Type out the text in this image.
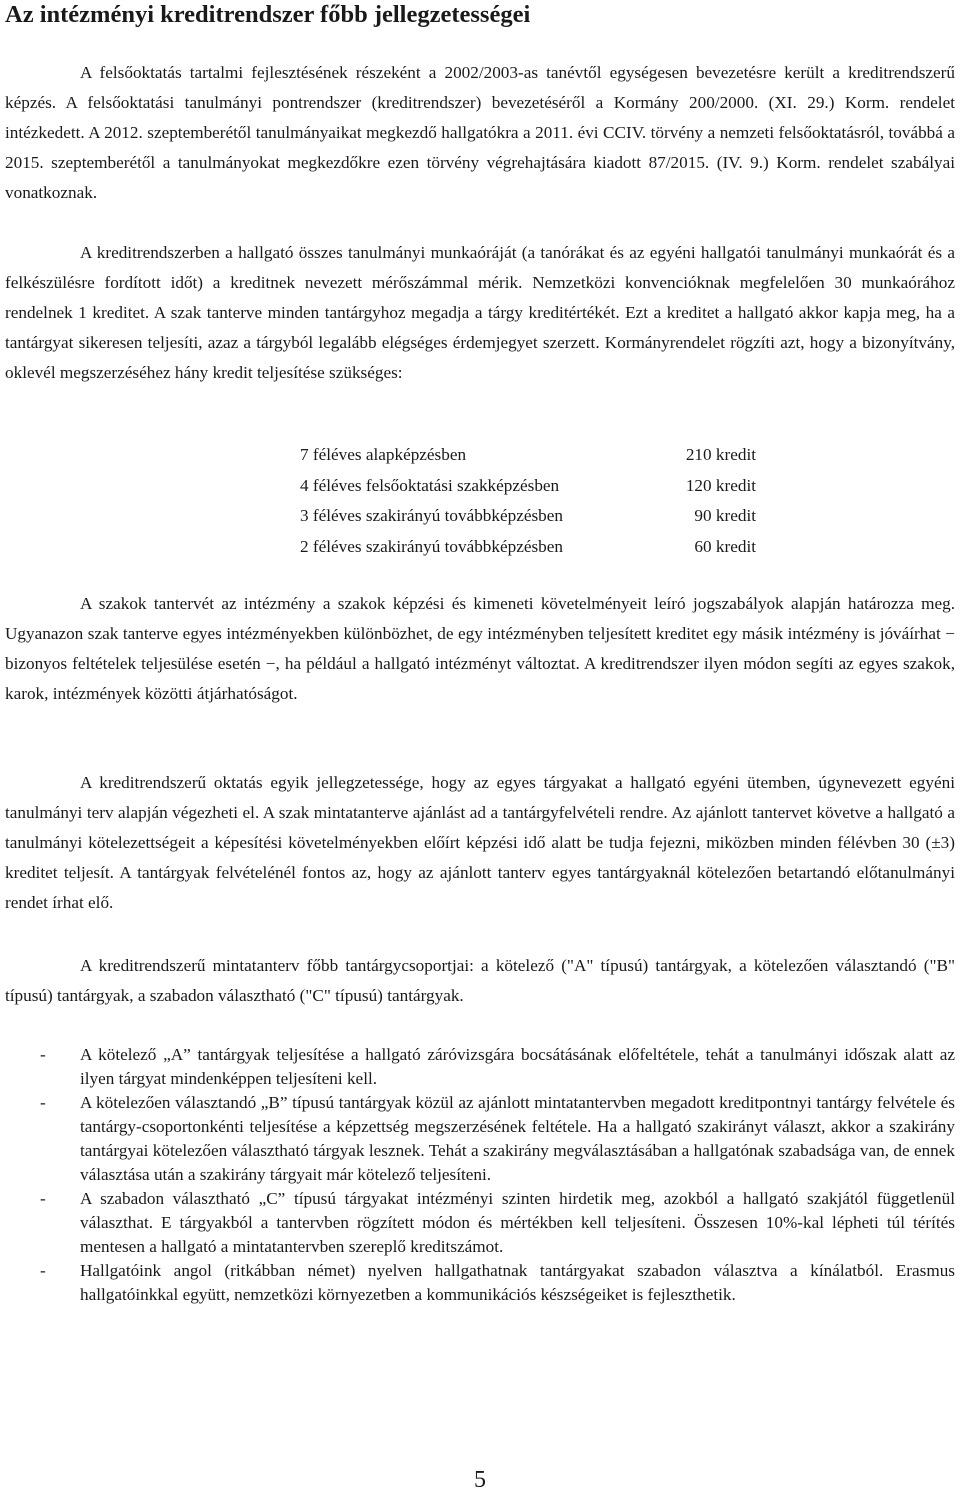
Az intézményi kreditrendszer főbb jellegzetességei

A felsőoktatás tartalmi fejlesztésének részeként a 2002/2003-as tanévtől egységesen bevezetésre került a kreditrendszerű képzés. A felsőoktatási tanulmányi pontrendszer (kreditrendszer) bevezetéséről a Kormány 200/2000. (XI. 29.) Korm. rendelet intézkedett. A 2012. szeptemberétől tanulmányaikat megkezdő hallgatókra a 2011. évi CCIV. törvény a nemzeti felsőoktatásról, továbbá a 2015. szeptemberétől a tanulmányokat megkezdőkre ezen törvény végrehajtására kiadott 87/2015. (IV. 9.) Korm. rendelet szabályai vonatkoznak.

A kreditrendszerben a hallgató összes tanulmányi munkaóráját (a tanórákat és az egyéni hallgatói tanulmányi munkaórát és a felkészülésre fordított időt) a kreditnek nevezett mérőszámmal mérik. Nemzetközi konvencióknak megfelelően 30 munkaórához rendelnek 1 kreditet. A szak tanterve minden tantárgyhoz megadja a tárgy kreditértékét. Ezt a kreditet a hallgató akkor kapja meg, ha a tantárgyat sikeresen teljesíti, azaz a tárgyból legalább elégséges érdemjegyet szerzett. Kormányrendelet rögzíti azt, hogy a bizonyítvány, oklevél megszerzéséhez hány kredit teljesítése szükséges:

7 féléves alapképzésben	210 kredit
4 féléves felsőoktatási szakképzésben	120 kredit
3 féléves szakirányú továbbképzésben	90 kredit
2 féléves szakirányú továbbképzésben	60 kredit

A szakok tantervét az intézmény a szakok képzési és kimeneti követelményeit leíró jogszabályok alapján határozza meg. Ugyanazon szak tanterve egyes intézményekben különbözhet, de egy intézményben teljesített kreditet egy másik intézmény is jóváírhat − bizonyos feltételek teljesülése esetén −, ha például a hallgató intézményt változtat. A kreditrendszer ilyen módon segíti az egyes szakok, karok, intézmények közötti átjárhatóságot.

A kreditrendszerű oktatás egyik jellegzetessége, hogy az egyes tárgyakat a hallgató egyéni ütemben, úgynevezett egyéni tanulmányi terv alapján végezheti el. A szak mintatanterve ajánlást ad a tantárgyfelvételi rendre. Az ajánlott tantervet követve a hallgató a tanulmányi kötelezettségeit a képesítési követelményekben előírt képzési idő alatt be tudja fejezni, miközben minden félévben 30 (±3) kreditet teljesít. A tantárgyak felvételénél fontos az, hogy az ajánlott tanterv egyes tantárgyaknál kötelezően betartandó előtanulmányi rendet írhat elő.

A kreditrendszerű mintatanterv főbb tantárgycsoportjai: a kötelező ("A" típusú) tantárgyak, a kötelezően választandó ("B" típusú) tantárgyak, a szabadon választható ("C" típusú) tantárgyak.

- A kötelező „A” tantárgyak teljesítése a hallgató záróvizsgára bocsátásának előfeltétele, tehát a tanulmányi időszak alatt az ilyen tárgyat mindenképpen teljesíteni kell.
- A kötelezően választandó „B” típusú tantárgyak közül az ajánlott mintatantervben megadott kreditpontnyi tantárgy felvétele és tantárgy-csoportonkénti teljesítése a képzettség megszerzésének feltétele. Ha a hallgató szakirányt választ, akkor a szakirány tantárgyai kötelezően választható tárgyak lesznek. Tehát a szakirány megválasztásában a hallgatónak szabadsága van, de ennek választása után a szakirány tárgyait már kötelező teljesíteni.
- A szabadon választható „C” típusú tárgyakat intézményi szinten hirdetik meg, azokból a hallgató szakjától függetlenül választhat. E tárgyakból a tantervben rögzített módon és mértékben kell teljesíteni. Összesen 10%-kal lépheti túl térítés mentesen a hallgató a mintatantervben szereplő kreditszámot.
- Hallgatóink angol (ritkábban német) nyelven hallgathatnak tantárgyakat szabadon választva a kínálatból. Erasmus hallgatóinkkal együtt, nemzetközi környezetben a kommunikációs készségeiket is fejleszthetik.
5
